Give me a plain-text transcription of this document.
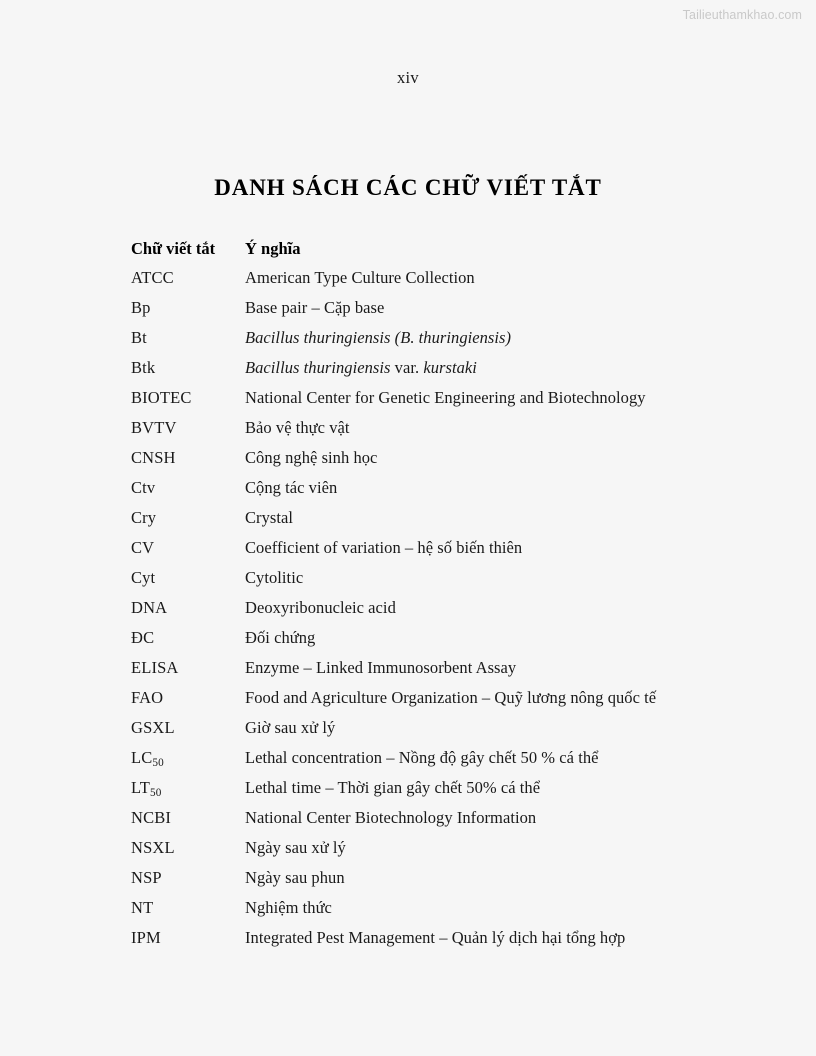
Tailieuthamkhao.com
xiv
DANH SÁCH CÁC CHỮ VIẾT TẮT
Chữ viết tắt	Ý nghĩa
ATCC	American Type Culture Collection
Bp	Base pair – Cặp base
Bt	Bacillus thuringiensis (B. thuringiensis)
Btk	Bacillus thuringiensis var. kurstaki
BIOTEC	National Center for Genetic Engineering and Biotechnology
BVTV	Bảo vệ thực vật
CNSH	Công nghệ sinh học
Ctv	Cộng tác viên
Cry	Crystal
CV	Coefficient of variation – hệ số biến thiên
Cyt	Cytolitic
DNA	Deoxyribonucleic acid
ĐC	Đối chứng
ELISA	Enzyme – Linked Immunosorbent Assay
FAO	Food and Agriculture Organization – Quỹ lương nông quốc tế
GSXL	Giờ sau xử lý
$LC_{50}$	Lethal concentration – Nồng độ gây chết 50 % cá thể
$LT_{50}$	Lethal time – Thời gian gây chết 50% cá thể
NCBI	National Center Biotechnology Information
NSXL	Ngày sau xử lý
NSP	Ngày sau phun
NT	Nghiệm thức
IPM	Integrated Pest Management – Quản lý dịch hại tổng hợp
